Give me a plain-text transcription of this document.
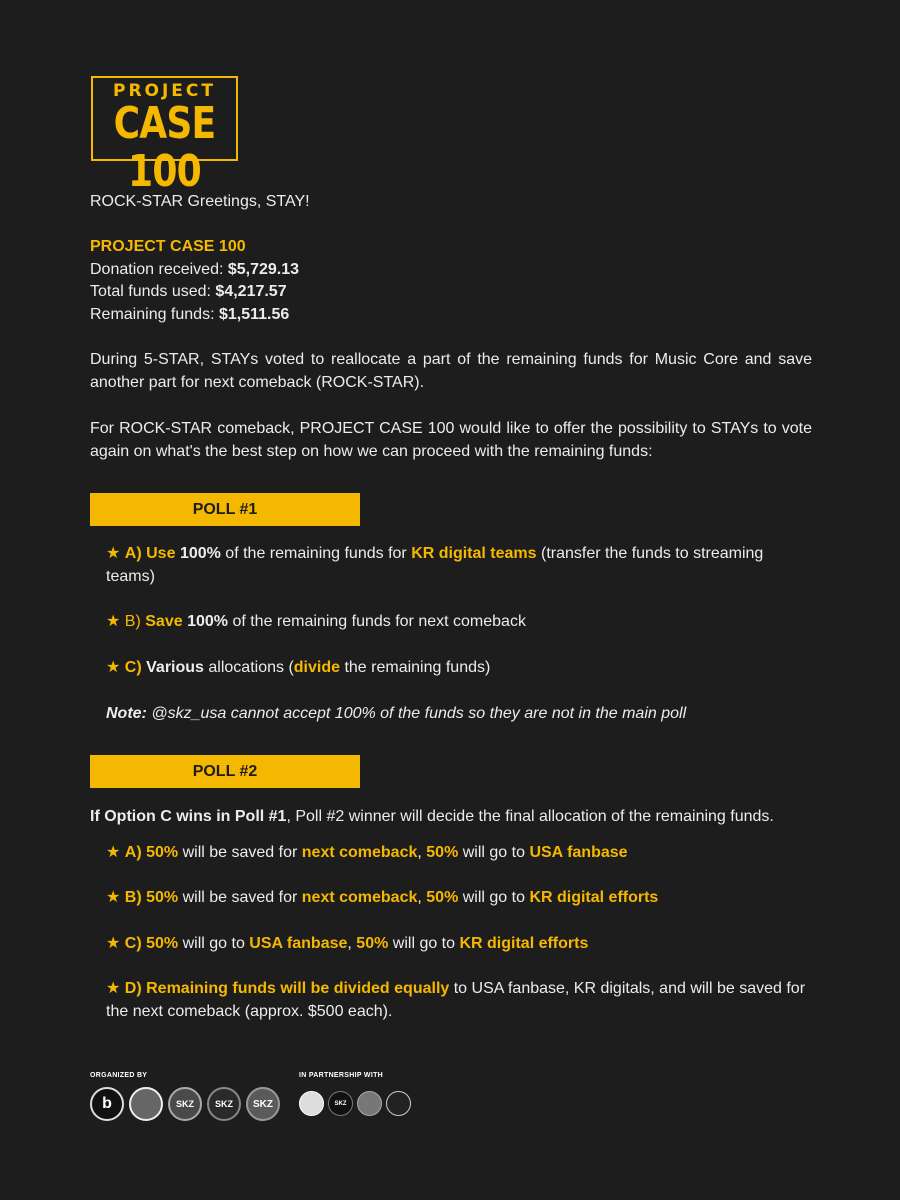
PROJECT
CASE 100

ROCK-STAR Greetings, STAY!

PROJECT CASE 100
Donation received: $5,729.13
Total funds used: $4,217.57
Remaining funds: $1,511.56

During 5-STAR, STAYs voted to reallocate a part of the remaining funds for Music Core and save another part for next comeback (ROCK-STAR).

For ROCK-STAR comeback, PROJECT CASE 100 would like to offer the possibility to STAYs to vote again on what's the best step on how we can proceed with the remaining funds:

POLL #1

★ A) Use 100% of the remaining funds for KR digital teams (transfer the funds to streaming teams)

★ B) Save 100% of the remaining funds for next comeback

★ C) Various allocations (divide the remaining funds)

Note: @skz_usa cannot accept 100% of the funds so they are not in the main poll

POLL #2

If Option C wins in Poll #1, Poll #2 winner will decide the final allocation of the remaining funds.

★ A) 50% will be saved for next comeback, 50% will go to USA fanbase

★ B) 50% will be saved for next comeback, 50% will go to KR digital efforts

★ C) 50% will go to USA fanbase, 50% will go to KR digital efforts

★ D) Remaining funds will be divided equally to USA fanbase, KR digitals, and will be saved for the next comeback (approx. $500 each).

ORGANIZED BY	IN PARTNERSHIP WITH
b	SKZ	SKZ	SKZ	SKZ
